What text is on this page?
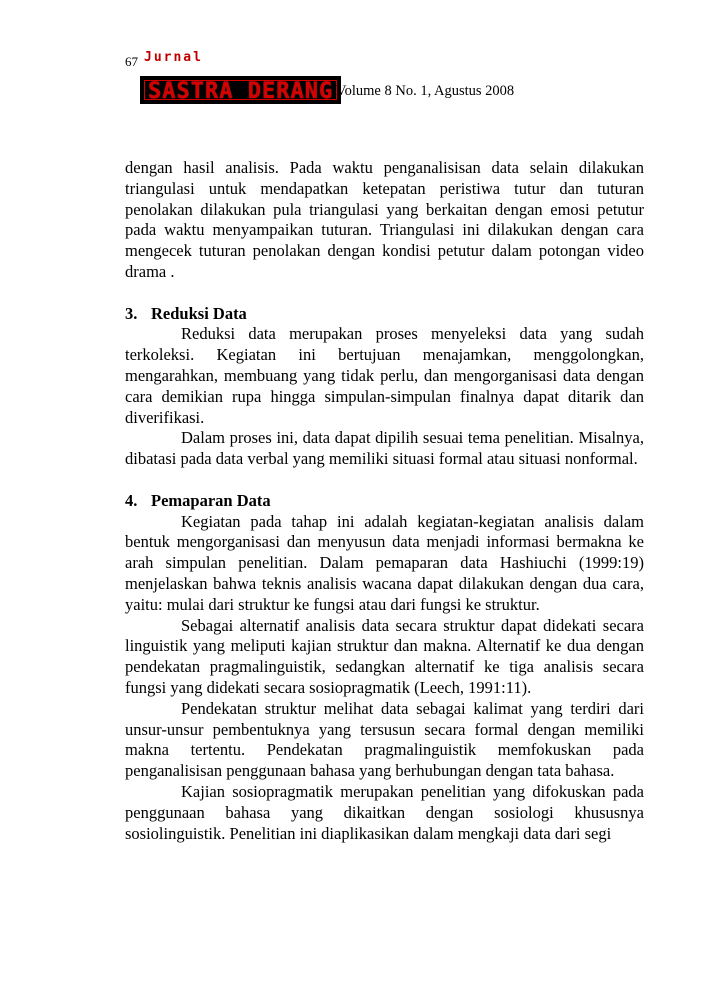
67 Jurnal
SASTRA DERANG Volume 8 No. 1, Agustus 2008

dengan hasil analisis. Pada waktu penganalisisan data selain dilakukan triangulasi untuk mendapatkan ketepatan peristiwa tutur dan tuturan penolakan dilakukan pula triangulasi yang berkaitan dengan emosi petutur pada waktu menyampaikan tuturan. Triangulasi ini dilakukan dengan cara mengecek tuturan penolakan dengan kondisi petutur dalam potongan video drama .

3. Reduksi Data

Reduksi data merupakan proses menyeleksi data yang sudah terkoleksi. Kegiatan ini bertujuan menajamkan, menggolongkan, mengarahkan, membuang yang tidak perlu, dan mengorganisasi data dengan cara demikian rupa hingga simpulan-simpulan finalnya dapat ditarik dan diverifikasi.

Dalam proses ini, data dapat dipilih sesuai tema penelitian. Misalnya, dibatasi pada data verbal yang memiliki situasi formal atau situasi nonformal.

4. Pemaparan Data

Kegiatan pada tahap ini adalah kegiatan-kegiatan analisis dalam bentuk mengorganisasi dan menyusun data menjadi informasi bermakna ke arah simpulan penelitian. Dalam pemaparan data Hashiuchi (1999:19) menjelaskan bahwa teknis analisis wacana dapat dilakukan dengan dua cara, yaitu: mulai dari struktur ke fungsi atau dari fungsi ke struktur.

Sebagai alternatif analisis data secara struktur dapat didekati secara linguistik yang meliputi kajian struktur dan makna. Alternatif ke dua dengan pendekatan pragmalinguistik, sedangkan alternatif ke tiga analisis secara fungsi yang didekati secara sosiopragmatik (Leech, 1991:11).

Pendekatan struktur melihat data sebagai kalimat yang terdiri dari unsur-unsur pembentuknya yang tersusun secara formal dengan memiliki makna tertentu. Pendekatan pragmalinguistik memfokuskan pada penganalisisan penggunaan bahasa yang berhubungan dengan tata bahasa.

Kajian sosiopragmatik merupakan penelitian yang difokuskan pada penggunaan bahasa yang dikaitkan dengan sosiologi khususnya sosiolinguistik. Penelitian ini diaplikasikan dalam mengkaji data dari segi
